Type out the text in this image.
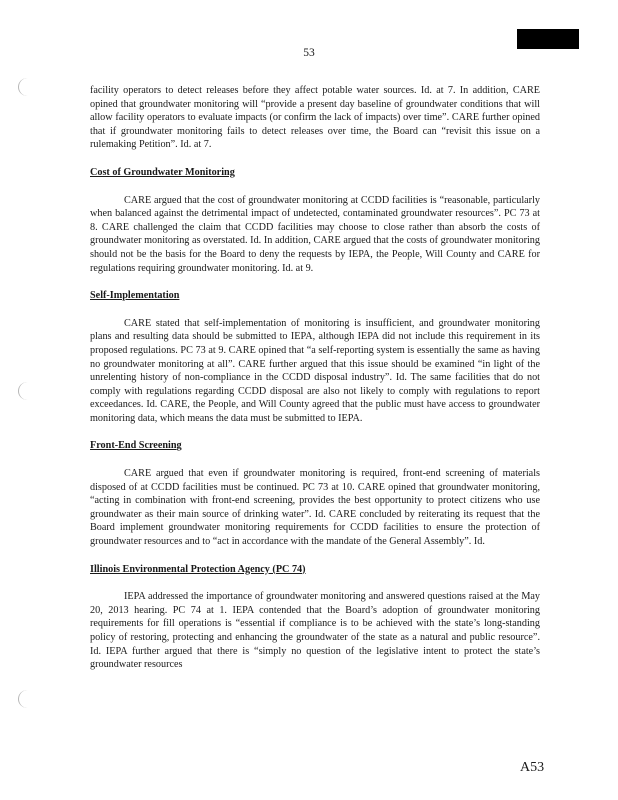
53

facility operators to detect releases before they affect potable water sources. Id. at 7. In addition, CARE opined that groundwater monitoring will “provide a present day baseline of groundwater conditions that will allow facility operators to evaluate impacts (or confirm the lack of impacts) over time”. CARE further opined that if groundwater monitoring fails to detect releases over time, the Board can “revisit this issue on a rulemaking Petition”. Id. at 7.

Cost of Groundwater Monitoring

CARE argued that the cost of groundwater monitoring at CCDD facilities is “reasonable, particularly when balanced against the detrimental impact of undetected, contaminated groundwater resources”. PC 73 at 8. CARE challenged the claim that CCDD facilities may choose to close rather than absorb the costs of groundwater monitoring as overstated. Id. In addition, CARE argued that the costs of groundwater monitoring should not be the basis for the Board to deny the requests by IEPA, the People, Will County and CARE for regulations requiring groundwater monitoring. Id. at 9.

Self-Implementation

CARE stated that self-implementation of monitoring is insufficient, and groundwater monitoring plans and resulting data should be submitted to IEPA, although IEPA did not include this requirement in its proposed regulations. PC 73 at 9. CARE opined that “a self-reporting system is essentially the same as having no groundwater monitoring at all”. CARE further argued that this issue should be examined “in light of the unrelenting history of non-compliance in the CCDD disposal industry”. Id. The same facilities that do not comply with regulations regarding CCDD disposal are also not likely to comply with regulations to report exceedances. Id. CARE, the People, and Will County agreed that the public must have access to groundwater monitoring data, which means the data must be submitted to IEPA.

Front-End Screening

CARE argued that even if groundwater monitoring is required, front-end screening of materials disposed of at CCDD facilities must be continued. PC 73 at 10. CARE opined that groundwater monitoring, “acting in combination with front-end screening, provides the best opportunity to protect citizens who use groundwater as their main source of drinking water”. Id. CARE concluded by reiterating its request that the Board implement groundwater monitoring requirements for CCDD facilities to ensure the protection of groundwater resources and to “act in accordance with the mandate of the General Assembly”. Id.

Illinois Environmental Protection Agency (PC 74)

IEPA addressed the importance of groundwater monitoring and answered questions raised at the May 20, 2013 hearing. PC 74 at 1. IEPA contended that the Board’s adoption of groundwater monitoring requirements for fill operations is “essential if compliance is to be achieved with the state’s long-standing policy of restoring, protecting and enhancing the groundwater of the state as a natural and public resource”. Id. IEPA further argued that there is “simply no question of the legislative intent to protect the state’s groundwater resources

A53
